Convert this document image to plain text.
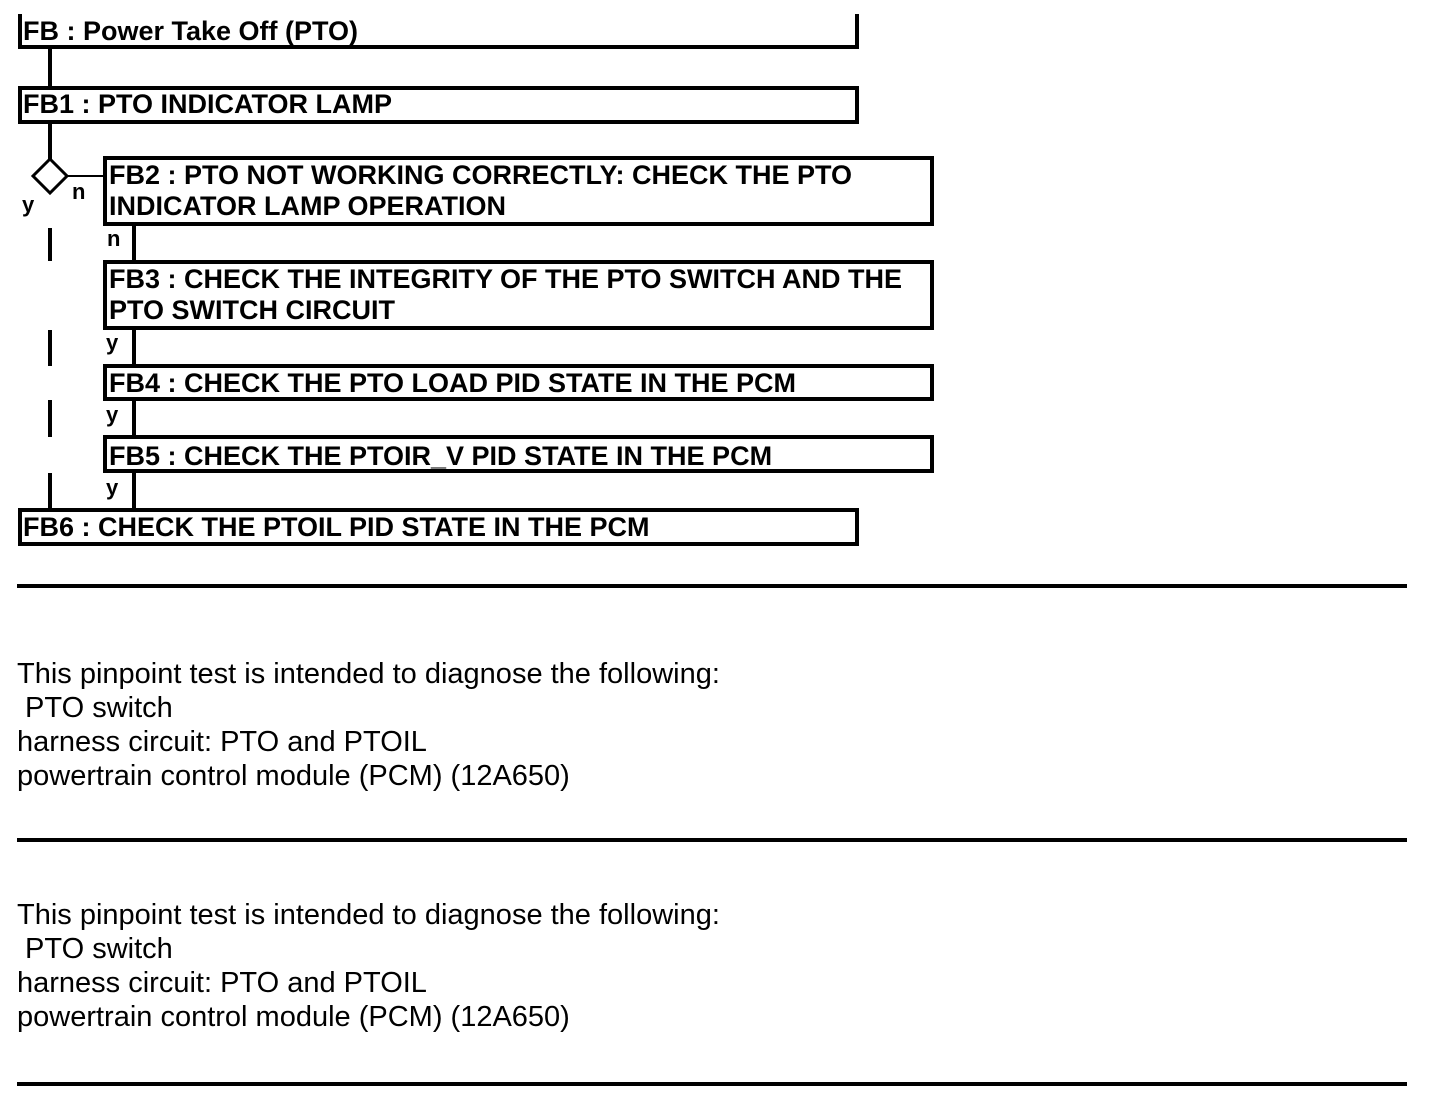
FB : Power Take Off (PTO)
FB1 : PTO INDICATOR LAMP
y
n
FB2 : PTO NOT WORKING CORRECTLY: CHECK THE PTO
INDICATOR LAMP OPERATION
n
FB3 : CHECK THE INTEGRITY OF THE PTO SWITCH AND THE
PTO SWITCH CIRCUIT
y
FB4 : CHECK THE PTO LOAD PID STATE IN THE PCM
y
FB5 : CHECK THE PTOIR_V PID STATE IN THE PCM
y
FB6 : CHECK THE PTOIL PID STATE IN THE PCM
This pinpoint test is intended to diagnose the following:
PTO switch
harness circuit: PTO and PTOIL
powertrain control module (PCM) (12A650)
This pinpoint test is intended to diagnose the following:
PTO switch
harness circuit: PTO and PTOIL
powertrain control module (PCM) (12A650)
